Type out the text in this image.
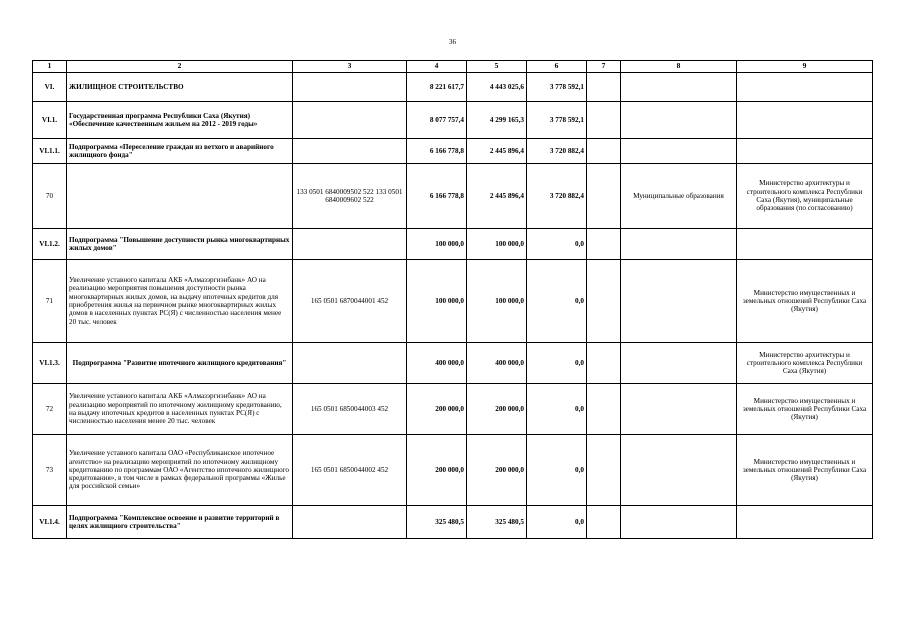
36
1	2	3	4	5	6	7	8	9
VI.	ЖИЛИЩНОЕ СТРОИТЕЛЬСТВО		8 221 617,7	4 443 025,6	3 778 592,1			
VI.1.	Государственная программа Республики Саха (Якутия) «Обеспечение качественным жильем на 2012 - 2019 годы»		8 077 757,4	4 299 165,3	3 778 592,1			
VI.1.1.	Подпрограмма «Переселение граждан из ветхого и аварийного жилищного фонда"		6 166 778,8	2 445 896,4	3 720 882,4			
70		133 0501 6840009502 522 133 0501 6840009602 522	6 166 778,8	2 445 896,4	3 720 882,4		Муниципальные образования	Министерство архитектуры и строительного комплекса Республики Саха (Якутия), муниципальные образования (по согласованию)
VI.1.2.	Подпрограмма "Повышение доступности рынка многоквартирных жилых домов"		100 000,0	100 000,0	0,0			
71	Увеличение уставного капитала АКБ «Алмазэргиэнбанк» АО на реализацию мероприятия повышения доступности рынка многоквартирных жилых домов, на выдачу ипотечных кредитов для приобретения жилья на первичном рынке многоквартирных жилых домов в населенных пунктах РС(Я) с численностью населения менее 20 тыс. человек	165 0501 6870044001 452	100 000,0	100 000,0	0,0			Министерство имущественных и земельных отношений Республики Саха (Якутия)
VI.1.3.	Подпрограмма "Развитие ипотечного жилищного кредитования"		400 000,0	400 000,0	0,0			Министерство архитектуры и строительного комплекса Республики Саха (Якутия)
72	Увеличение уставного капитала АКБ «Алмазэргиэнбанк» АО на реализацию мероприятий по ипотечному жилищному кредитованию, на выдачу ипотечных кредитов в населенных пунктах РС(Я) с численностью населения менее 20 тыс. человек	165 0501 6850044003 452	200 000,0	200 000,0	0,0			Министерство имущественных и земельных отношений Республики Саха (Якутия)
73	Увеличение уставного капитала ОАО «Республиканское ипотечное агентство» на реализацию мероприятий по ипотечному жилищному кредитованию по программам ОАО «Агентство ипотечного жилищного кредитования», в том числе в рамках федеральной программы «Жилье для российской семьи»	165 0501 6850044002 452	200 000,0	200 000,0	0,0			Министерство имущественных и земельных отношений Республики Саха (Якутия)
VI.1.4.	Подпрограмма "Комплексное освоение и развитие территорий в целях жилищного строительства"		325 480,5	325 480,5	0,0			
